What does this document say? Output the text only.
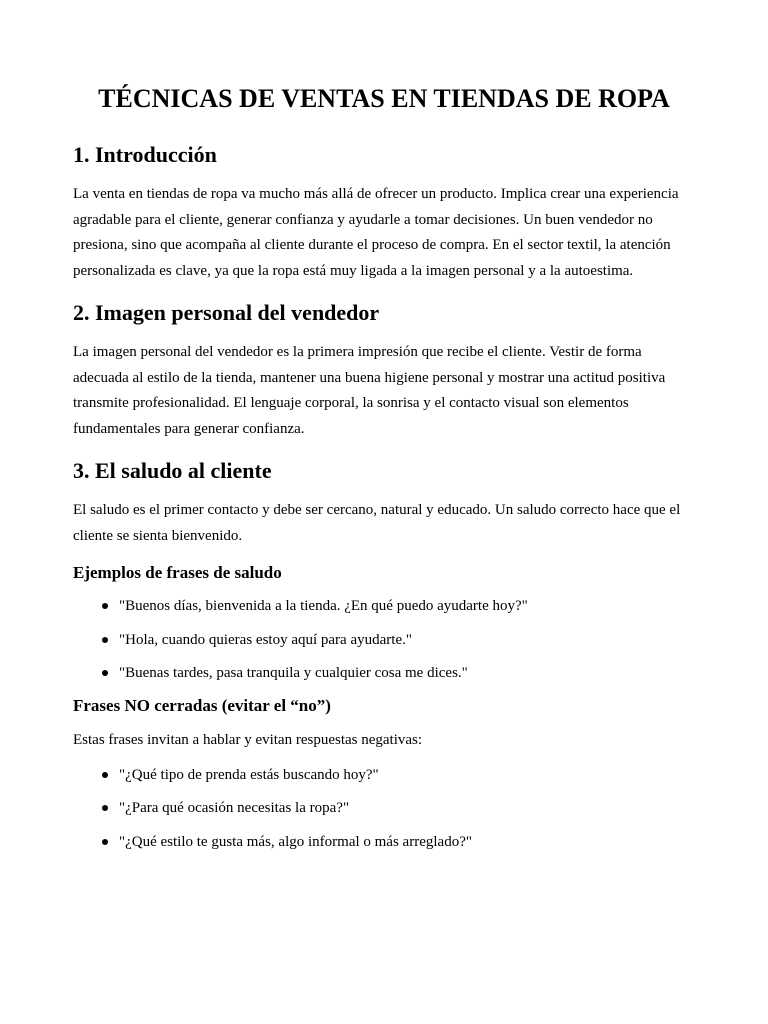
TÉCNICAS DE VENTAS EN TIENDAS DE ROPA
1. Introducción

La venta en tiendas de ropa va mucho más allá de ofrecer un producto. Implica crear una experiencia agradable para el cliente, generar confianza y ayudarle a tomar decisiones. Un buen vendedor no presiona, sino que acompaña al cliente durante el proceso de compra. En el sector textil, la atención personalizada es clave, ya que la ropa está muy ligada a la imagen personal y a la autoestima.

2. Imagen personal del vendedor

La imagen personal del vendedor es la primera impresión que recibe el cliente. Vestir de forma adecuada al estilo de la tienda, mantener una buena higiene personal y mostrar una actitud positiva transmite profesionalidad. El lenguaje corporal, la sonrisa y el contacto visual son elementos fundamentales para generar confianza.

3. El saludo al cliente

El saludo es el primer contacto y debe ser cercano, natural y educado. Un saludo correcto hace que el cliente se sienta bienvenido.

Ejemplos de frases de saludo
"Buenos días, bienvenida a la tienda. ¿En qué puedo ayudarte hoy?"
"Hola, cuando quieras estoy aquí para ayudarte."
"Buenas tardes, pasa tranquila y cualquier cosa me dices."
Frases NO cerradas (evitar el “no”)

Estas frases invitan a hablar y evitan respuestas negativas:

"¿Qué tipo de prenda estás buscando hoy?"
"¿Para qué ocasión necesitas la ropa?"
"¿Qué estilo te gusta más, algo informal o más arreglado?"
